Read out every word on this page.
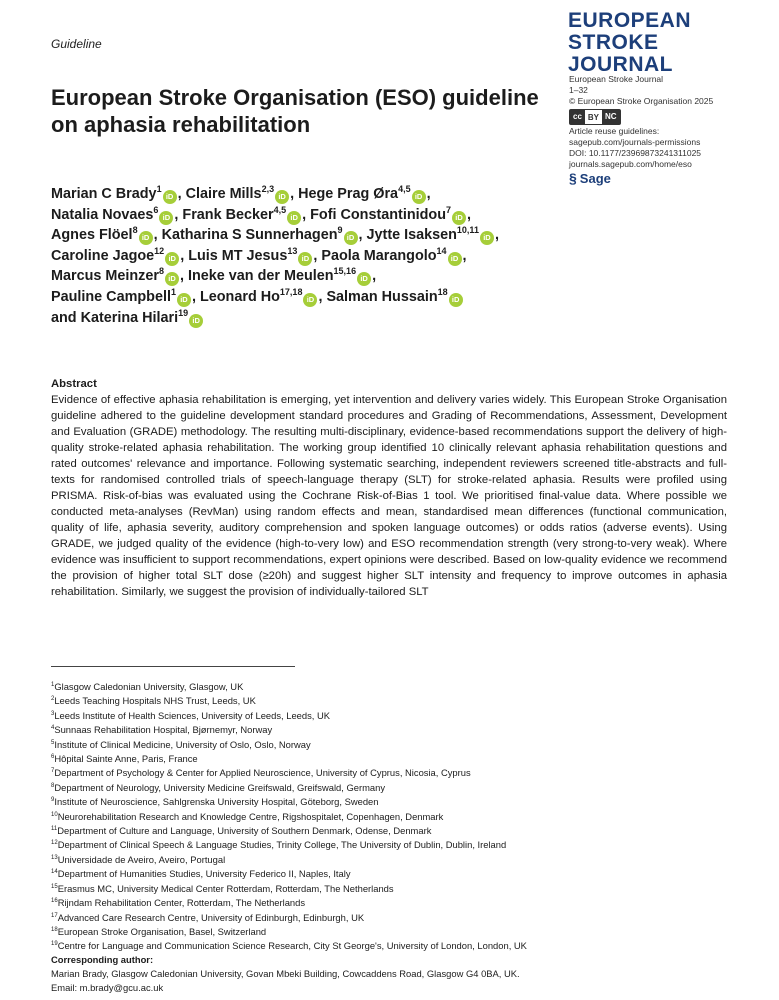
Guideline
EUROPEAN
STROKE JOURNAL
European Stroke Organisation (ESO) guideline on aphasia rehabilitation
European Stroke Journal
1–32
© European Stroke Organisation 2025
cc BY NC
Article reuse guidelines:
sagepub.com/journals-permissions
DOI: 10.1177/23969873241311025
journals.sagepub.com/home/eso
§ Sage
Marian C Brady$^1$iD , Claire Mills$^{2,3}$iD , Hege Prag Øra$^{4,5}$iD ,
Natalia Novaes$^6$iD , Frank Becker$^{4,5}$iD , Fofi Constantinidou$^7$iD ,
Agnes Flöel$^8$iD , Katharina S Sunnerhagen$^9$iD , Jytte Isaksen$^{10,11}$iD ,
Caroline Jagoe$^{12}$iD , Luis MT Jesus$^{13}$iD , Paola Marangolo$^{14}$iD ,
Marcus Meinzer$^8$iD , Ineke van der Meulen$^{15,16}$iD ,
Pauline Campbell$^1$iD , Leonard Ho$^{17,18}$iD , Salman Hussain$^{18}$iD
and Katerina Hilari$^{19}$iD
Abstract
Evidence of effective aphasia rehabilitation is emerging, yet intervention and delivery varies widely. This European Stroke Organisation guideline adhered to the guideline development standard procedures and Grading of Recommendations, Assessment, Development and Evaluation (GRADE) methodology. The resulting multi-disciplinary, evidence-based recommendations support the delivery of high-quality stroke-related aphasia rehabilitation. The working group identified 10 clinically relevant aphasia rehabilitation questions and rated outcomes' relevance and importance. Following systematic searching, independent reviewers screened title-abstracts and full-texts for randomised controlled trials of speech-language therapy (SLT) for stroke-related aphasia. Results were profiled using PRISMA. Risk-of-bias was evaluated using the Cochrane Risk-of-Bias 1 tool. We prioritised final-value data. Where possible we conducted meta-analyses (RevMan) using random effects and mean, standardised mean differences (functional communication, quality of life, aphasia severity, auditory comprehension and spoken language outcomes) or odds ratios (adverse events). Using GRADE, we judged quality of the evidence (high-to-very low) and ESO recommendation strength (very strong-to-very weak). Where evidence was insufficient to support recommendations, expert opinions were described. Based on low-quality evidence we recommend the provision of higher total SLT dose (≥20h) and suggest higher SLT intensity and frequency to improve outcomes in aphasia rehabilitation. Similarly, we suggest the provision of individually-tailored SLT
$^1$Glasgow Caledonian University, Glasgow, UK
$^2$Leeds Teaching Hospitals NHS Trust, Leeds, UK
$^3$Leeds Institute of Health Sciences, University of Leeds, Leeds, UK
$^4$Sunnaas Rehabilitation Hospital, Bjørnemyr, Norway
$^5$Institute of Clinical Medicine, University of Oslo, Oslo, Norway
$^6$Hôpital Sainte Anne, Paris, France
$^7$Department of Psychology & Center for Applied Neuroscience, University of Cyprus, Nicosia, Cyprus
$^8$Department of Neurology, University Medicine Greifswald, Greifswald, Germany
$^9$Institute of Neuroscience, Sahlgrenska University Hospital, Göteborg, Sweden
$^{10}$Neurorehabilitation Research and Knowledge Centre, Rigshospitalet, Copenhagen, Denmark
$^{11}$Department of Culture and Language, University of Southern Denmark, Odense, Denmark
$^{12}$Department of Clinical Speech & Language Studies, Trinity College, The University of Dublin, Dublin, Ireland
$^{13}$Universidade de Aveiro, Aveiro, Portugal
$^{14}$Department of Humanities Studies, University Federico II, Naples, Italy
$^{15}$Erasmus MC, University Medical Center Rotterdam, Rotterdam, The Netherlands
$^{16}$Rijndam Rehabilitation Center, Rotterdam, The Netherlands
$^{17}$Advanced Care Research Centre, University of Edinburgh, Edinburgh, UK
$^{18}$European Stroke Organisation, Basel, Switzerland
$^{19}$Centre for Language and Communication Science Research, City St George's, University of London, London, UK
Corresponding author:
Marian Brady, Glasgow Caledonian University, Govan Mbeki Building, Cowcaddens Road, Glasgow G4 0BA, UK.
Email: m.brady@gcu.ac.uk
